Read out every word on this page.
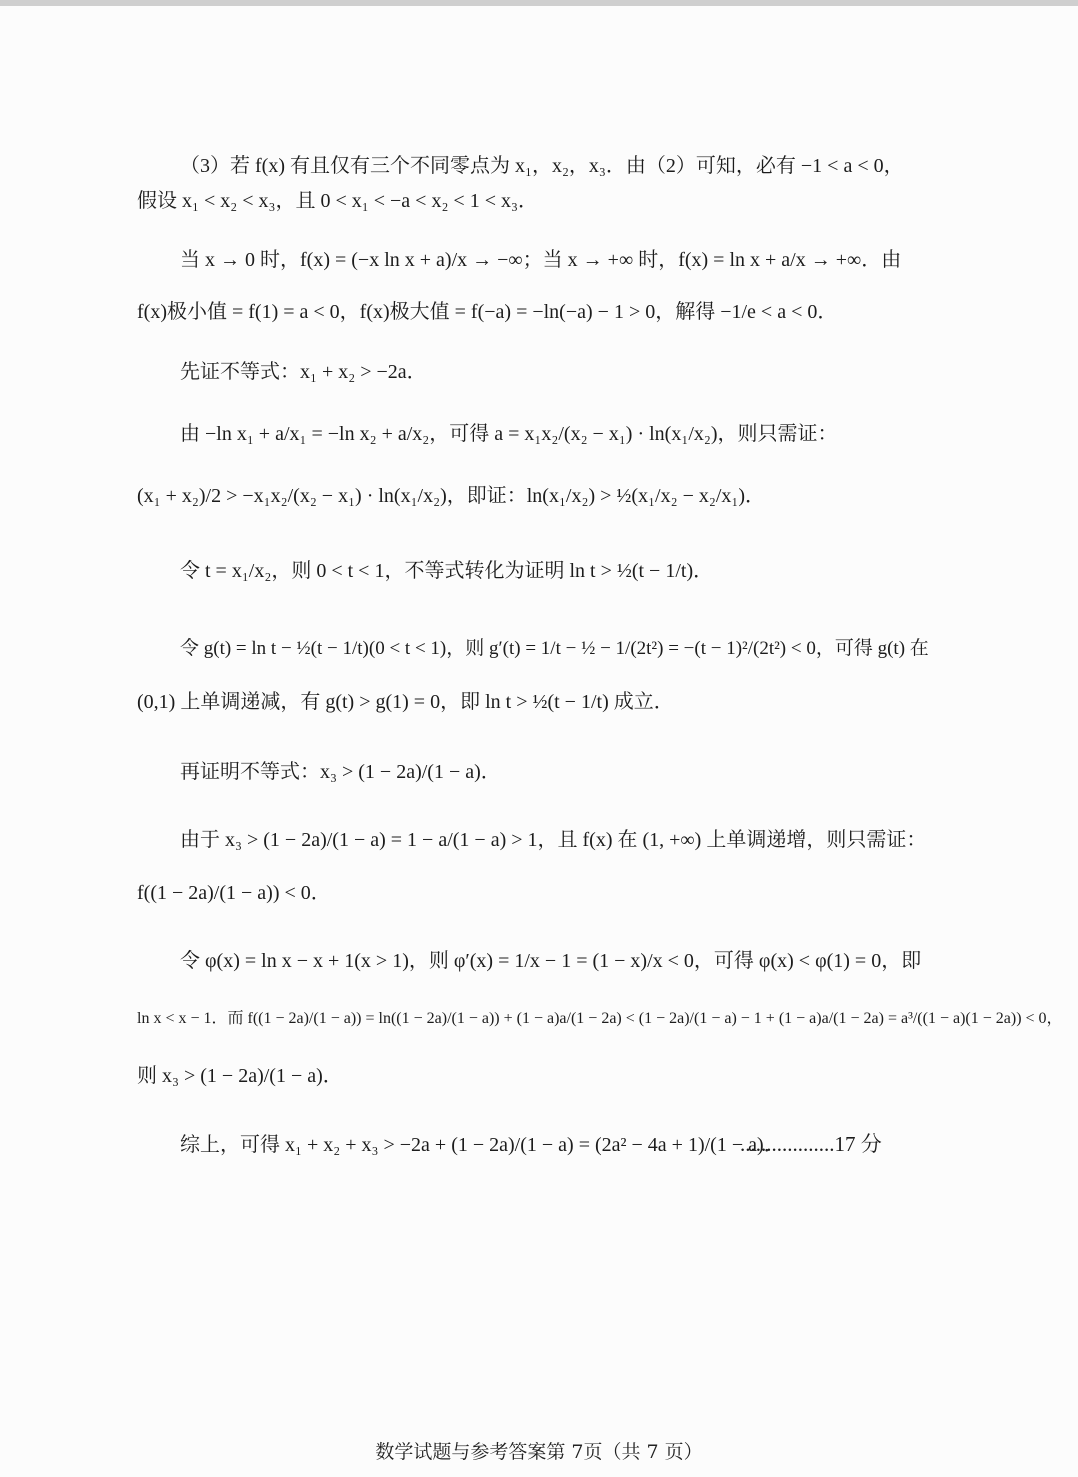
（3）若 f(x) 有且仅有三个不同零点为 x₁，x₂，x₃．由（2）可知，必有 −1 < a < 0，
假设 x₁ < x₂ < x₃，且 0 < x₁ < −a < x₂ < 1 < x₃．
当 x → 0 时，f(x) = (−x ln x + a)/x → −∞；当 x → +∞ 时，f(x) = ln x + a/x → +∞．由
f(x)极小值 = f(1) = a < 0，f(x)极大值 = f(−a) = −ln(−a) − 1 > 0，解得 −1/e < a < 0．
先证不等式：x₁ + x₂ > −2a．
由 −ln x₁ + a/x₁ = −ln x₂ + a/x₂，可得 a = x₁x₂/(x₂ − x₁) · ln(x₁/x₂)，则只需证：
(x₁ + x₂)/2 > −x₁x₂/(x₂ − x₁) · ln(x₁/x₂)，即证：ln(x₁/x₂) > ½(x₁/x₂ − x₂/x₁)．
令 t = x₁/x₂，则 0 < t < 1，不等式转化为证明 ln t > ½(t − 1/t)．
令 g(t) = ln t − ½(t − 1/t)(0 < t < 1)，则 g′(t) = 1/t − ½ − 1/(2t²) = −(t − 1)²/(2t²) < 0，可得 g(t) 在
(0,1) 上单调递减，有 g(t) > g(1) = 0，即 ln t > ½(t − 1/t) 成立．
再证明不等式：x₃ > (1 − 2a)/(1 − a)．
由于 x₃ > (1 − 2a)/(1 − a) = 1 − a/(1 − a) > 1，且 f(x) 在 (1, +∞) 上单调递增，则只需证：
f((1 − 2a)/(1 − a)) < 0．
令 φ(x) = ln x − x + 1(x > 1)，则 φ′(x) = 1/x − 1 = (1 − x)/x < 0，可得 φ(x) < φ(1) = 0，即
ln x < x − 1．而 f((1 − 2a)/(1 − a)) = ln((1 − 2a)/(1 − a)) + (1 − a)a/(1 − 2a) < (1 − 2a)/(1 − a) − 1 + (1 − a)a/(1 − 2a) = a³/((1 − a)(1 − 2a)) < 0，
则 x₃ > (1 − 2a)/(1 − a)．
综上，可得 x₁ + x₂ + x₃ > −2a + (1 − 2a)/(1 − a) = (2a² − 4a + 1)/(1 − a)．
..................17 分
数学试题与参考答案第 7页（共 7 页）
